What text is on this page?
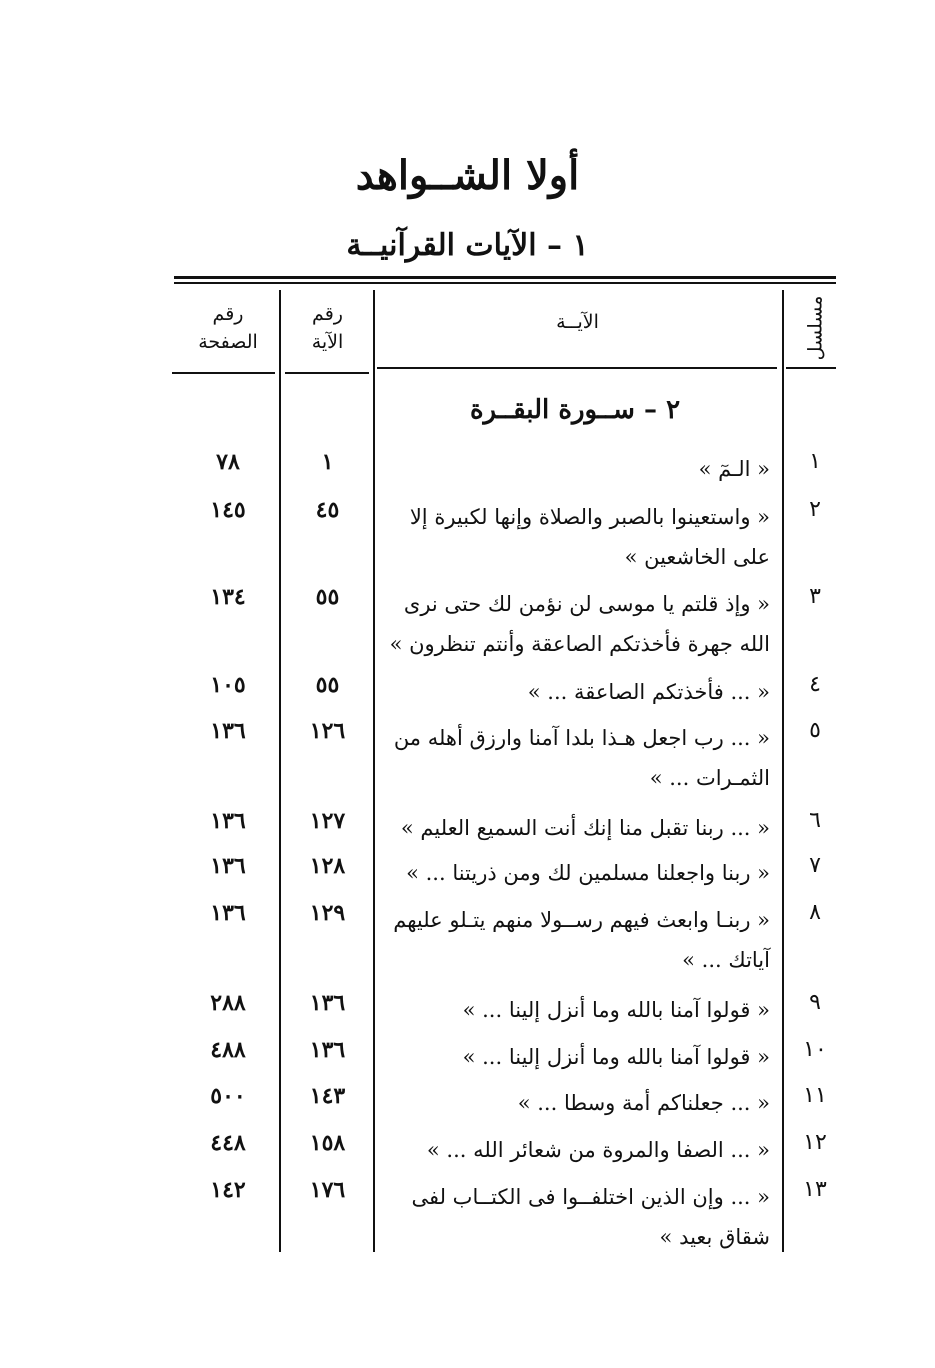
أولا الشــواهد
١ – الآيات القرآنيــة
مسلسل
الآيــة
رقم
الآية
رقم
الصفحة
٢ – ســورة البقــرة
١
« الـمٓ »
١
٧٨
٢
« واستعينوا بالصبر والصلاة وإنها لكبيرة إلا على الخاشعين »
٤٥
١٤٥
٣
« وإذ قلتم يا موسى لن نؤمن لك حتى نرى الله جهرة فأخذتكم الصاعقة وأنتم تنظرون »
٥٥
١٣٤
٤
« ... فأخذتكم الصاعقة ... »
٥٥
١٠٥
٥
« ... رب اجعل هـذا بلدا آمنا وارزق أهله من الثمـرات ... »
١٢٦
١٣٦
٦
« ... ربنا تقبل منا إنك أنت السميع العليم »
١٢٧
١٣٦
٧
« ربنا واجعلنا مسلمين لك ومن ذريتنا ... »
١٢٨
١٣٦
٨
« ربنـا وابعث فيهم رســولا منهم يتـلو عليهم آياتك ... »
١٢٩
١٣٦
٩
« قولوا آمنا بالله وما أنزل إلينا ... »
١٣٦
٢٨٨
١٠
« قولوا آمنا بالله وما أنزل إلينا ... »
١٣٦
٤٨٨
١١
« ... جعلناكم أمة وسطا ... »
١٤٣
٥٠٠
١٢
« ... الصفا والمروة من شعائر الله ... »
١٥٨
٤٤٨
١٣
« ... وإن الذين اختلفــوا فى الكتــاب لفى شقاق بعيد »
١٧٦
١٤٢
